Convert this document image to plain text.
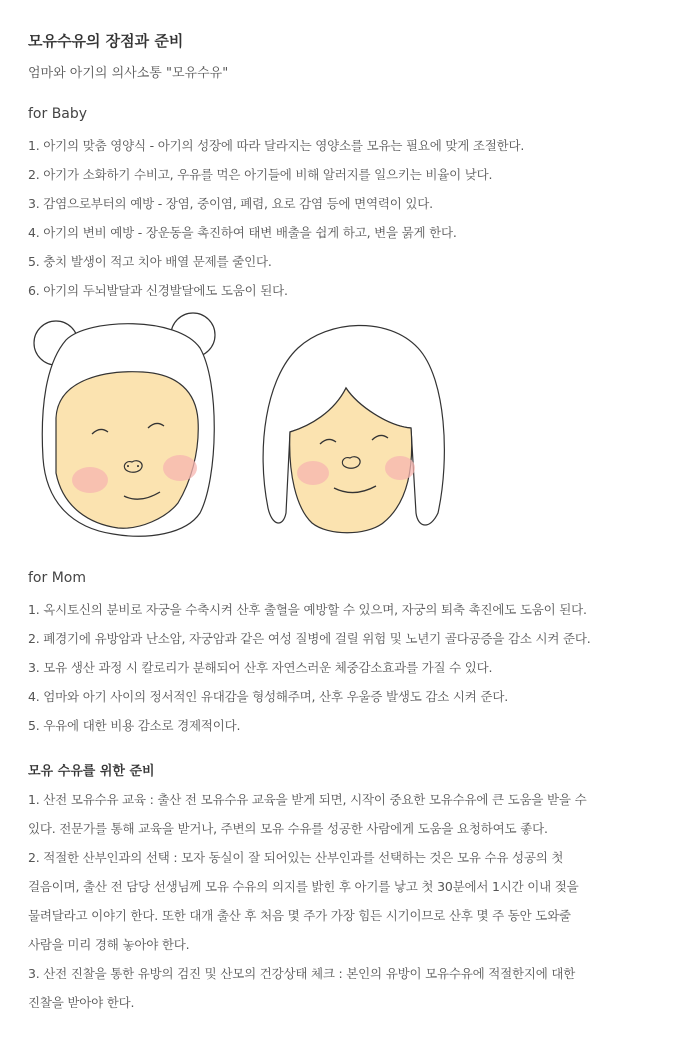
모유수유의 장점과 준비
엄마와 아기의 의사소통 "모유수유"
for Baby
1. 아기의 맞춤 영양식 - 아기의 성장에 따라 달라지는 영양소를 모유는 필요에 맞게 조절한다.
2. 아기가 소화하기 수비고, 우유를 먹은 아기들에 비해 알러지를 일으키는 비율이 낮다.
3. 감염으로부터의 예방 - 장염, 중이염, 폐렴, 요로 감염 등에 면역력이 있다.
4. 아기의 변비 예방 - 장운동을 촉진하여 태변 배출을 쉽게 하고, 변을 묽게 한다.
5. 충치 발생이 적고 치아 배열 문제를 줄인다.
6. 아기의 두뇌발달과 신경발달에도 도움이 된다.
for Mom
1. 옥시토신의 분비로 자궁을 수축시켜 산후 출혈을 예방할 수 있으며, 자궁의 퇴축 촉진에도 도움이 된다.
2. 폐경기에 유방암과 난소암, 자궁암과 같은 여성 질병에 걸릴 위험 및 노년기 골다공증을 감소 시켜 준다.
3. 모유 생산 과정 시 칼로리가 분해되어 산후 자연스러운 체중감소효과를 가질 수 있다.
4. 엄마와 아기 사이의 정서적인 유대감을 형성해주며, 산후 우울증 발생도 감소 시켜 준다.
5. 우유에 대한 비용 감소로 경제적이다.
모유 수유를 위한 준비
1. 산전 모유수유 교육 : 출산 전 모유수유 교육을 받게 되면, 시작이 중요한 모유수유에 큰 도움을 받을 수
있다. 전문가를 통해 교육을 받거나, 주변의 모유 수유를 성공한 사람에게 도움을 요청하여도 좋다.
2. 적절한 산부인과의 선택 : 모자 동실이 잘 되어있는 산부인과를 선택하는 것은 모유 수유 성공의 첫
걸음이며, 출산 전 담당 선생님께 모유 수유의 의지를 밝힌 후 아기를 낳고 첫 30분에서 1시간 이내 젖을
물려달라고 이야기 한다. 또한 대개 출산 후 처음 몇 주가 가장 힘든 시기이므로 산후 몇 주 동안 도와줄
사람을 미리 경해 놓아야 한다.
3. 산전 진찰을 통한 유방의 검진 및 산모의 건강상태 체크 : 본인의 유방이 모유수유에 적절한지에 대한
진찰을 받아야 한다.
